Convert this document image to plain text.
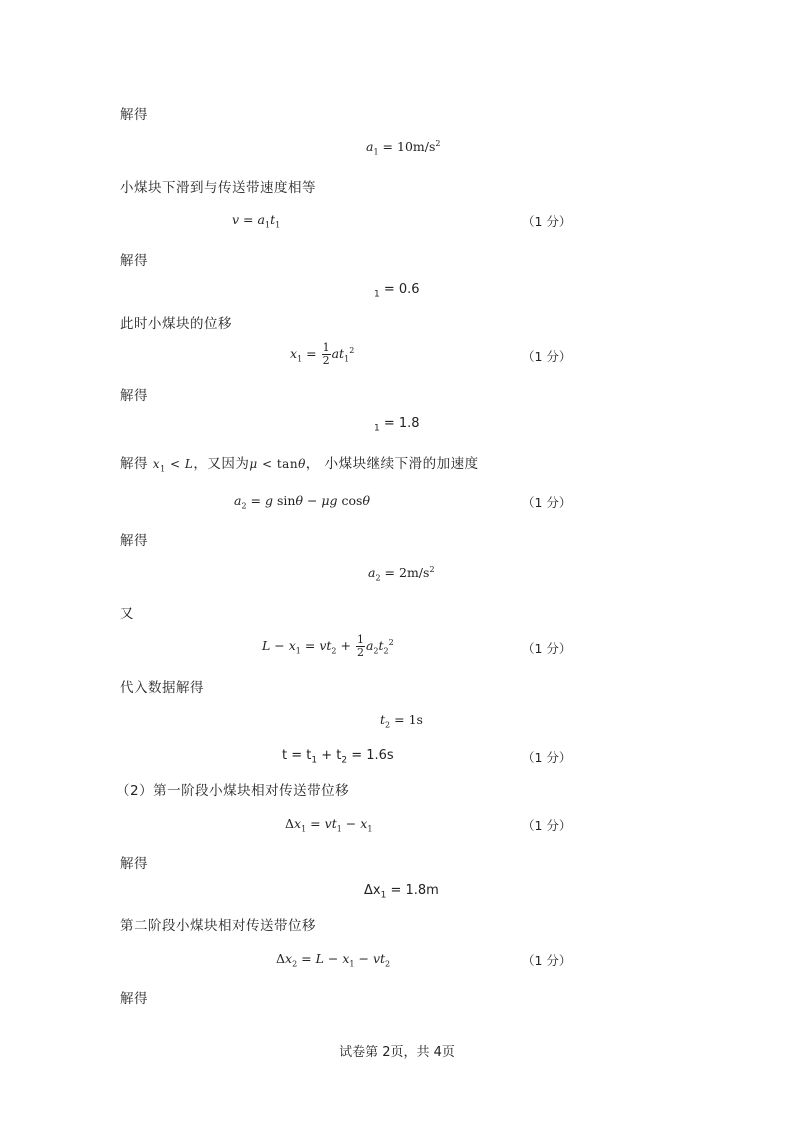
解得
$a_1 = 10m/s^2$
小煤块下滑到与传送带速度相等
$v = a_1t_1$	（1 分）
解得
$_1$ = 0.6
此时小煤块的位移
$x_1 = \frac{1}{2} at_1^2$	（1 分）
解得
$_1$ = 1.8
解得 $x_1 < L$，又因为μ < tanθ， 小煤块继续下滑的加速度
$a_2 = g$ sinθ − μg cosθ	（1 分）
解得
$a_2 = 2m/s^2$
又
$L - x_1 = vt_2 + \frac{1}{2} a_2t_2^2$	（1 分）
代入数据解得
$t_2 = 1s$
$t = t_1 + t_2 = 1.6s$	（1 分）
（2）第一阶段小煤块相对传送带位移
$\Delta x_1 = vt_1 - x_1$	（1 分）
解得
$\Delta x_1 = 1.8m$
第二阶段小煤块相对传送带位移
$\Delta x_2 = L - x_1 - vt_2$	（1 分）
解得
试卷第 2页，共 4页
